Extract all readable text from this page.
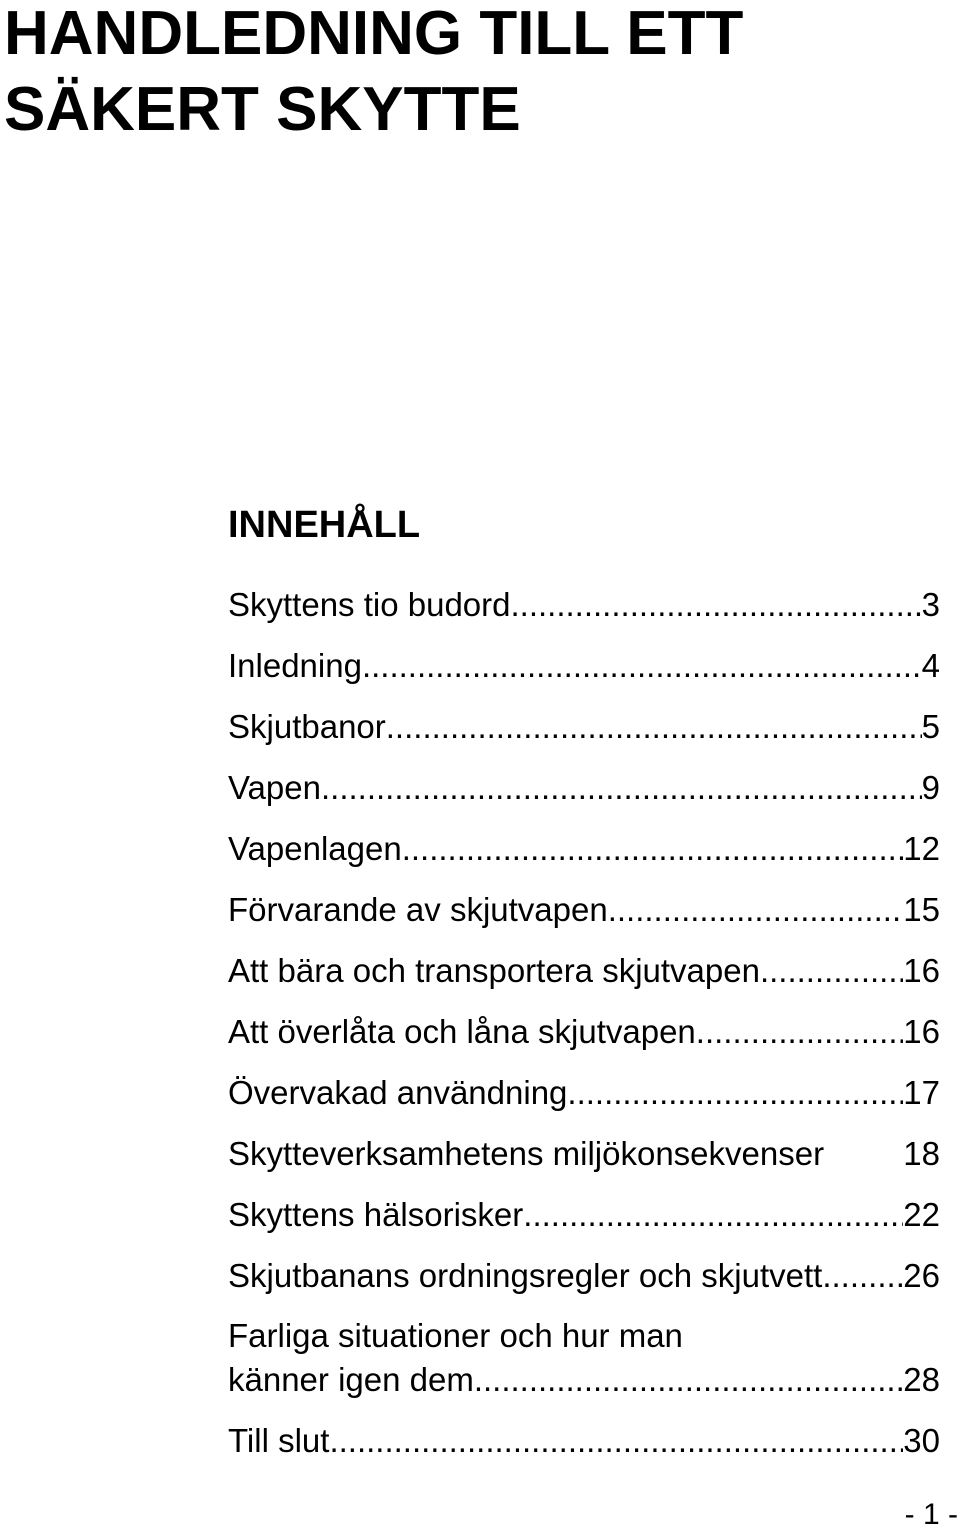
HANDLEDNING TILL ETT
SÄKERT SKYTTE
INNEHÅLL
Skyttens tio budord .....	3
Inledning .....	4
Skjutbanor .....	5
Vapen .....	9
Vapenlagen .....	12
Förvarande av skjutvapen .....	15
Att bära och transportera skjutvapen .....	16
Att överlåta och låna skjutvapen .....	16
Övervakad användning .....	17
Skytteverksamhetens miljökonsekvenser 18
Skyttens hälsorisker .....	22
Skjutbanans ordningsregler och skjutvett ..... 26
Farliga situationer och hur man
känner igen dem .....	28
Till slut .....	30
- 1 -
